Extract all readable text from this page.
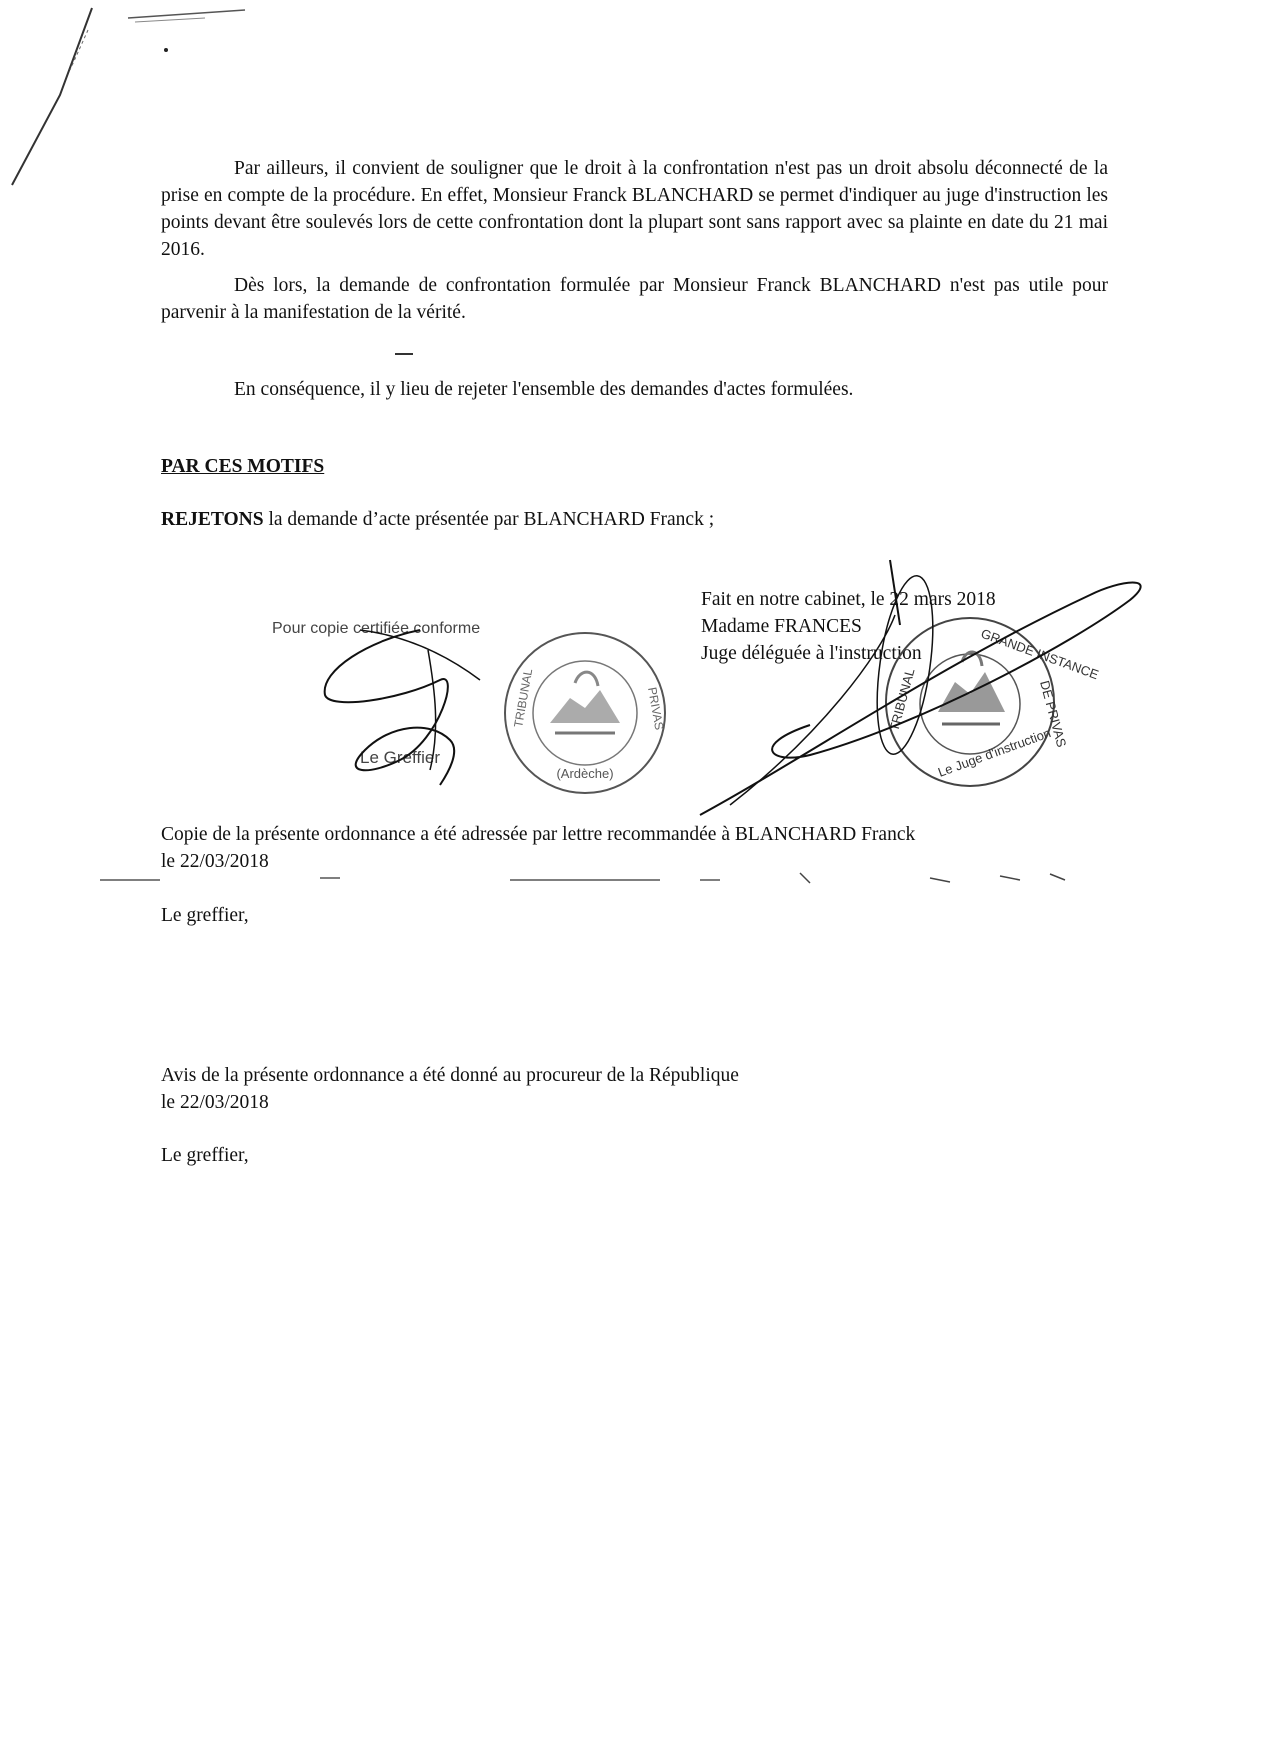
Par ailleurs, il convient de souligner que le droit à la confrontation n'est pas un droit absolu déconnecté de la prise en compte de la procédure. En effet, Monsieur Franck BLANCHARD se permet d'indiquer au juge d'instruction les points devant être soulevés lors de cette confrontation dont la plupart sont sans rapport avec sa plainte en date du 21 mai 2016.

Dès lors, la demande de confrontation formulée par Monsieur Franck BLANCHARD n'est pas utile pour parvenir à la manifestation de la vérité.

En conséquence, il y lieu de rejeter l'ensemble des demandes d'actes formulées.

PAR CES MOTIFS

REJETONS la demande d’acte présentée par BLANCHARD Franck ;

Fait en notre cabinet, le 22 mars 2018

Madame FRANCES

Juge déléguée à l'instruction

Pour copie certifiée conforme
Le Greffier
(Ardèche)
TRIBUNAL	PRIVAS
GRANDE INSTANCE
TRIBUNAL	DE PRIVAS
Le Juge d'instruction

Copie de la présente ordonnance a été adressée par lettre recommandée à BLANCHARD Franck

le 22/03/2018

Le greffier,

Avis de la présente ordonnance a été donné au procureur de la République

le 22/03/2018

Le greffier,
